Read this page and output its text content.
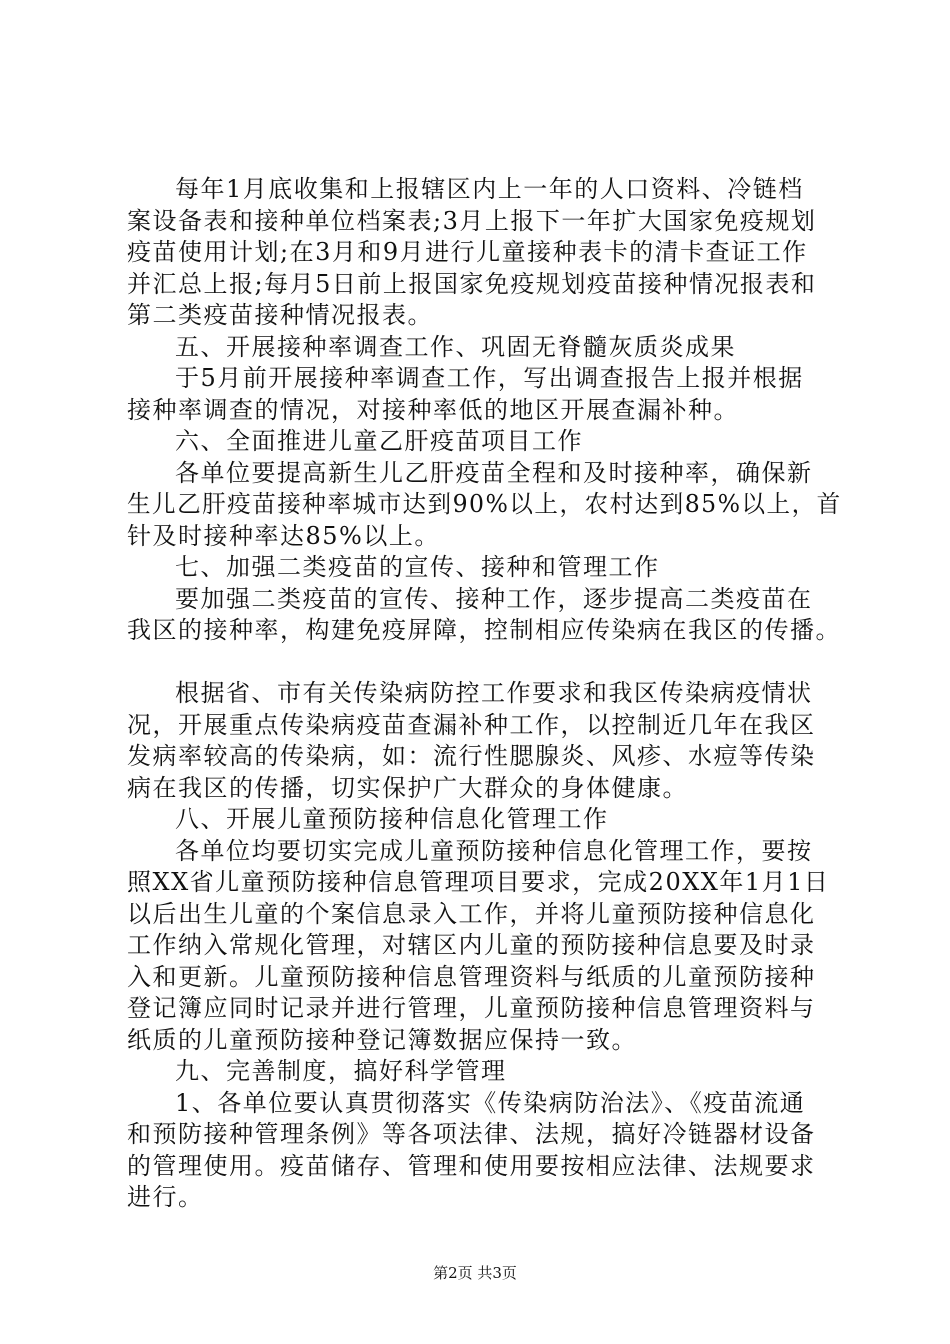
每年1月底收集和上报辖区内上一年的人口资料、冷链档
案设备表和接种单位档案表;3月上报下一年扩大国家免疫规划
疫苗使用计划;在3月和9月进行儿童接种表卡的清卡查证工作
并汇总上报;每月5日前上报国家免疫规划疫苗接种情况报表和
第二类疫苗接种情况报表。
五、开展接种率调查工作、巩固无脊髓灰质炎成果
于5月前开展接种率调查工作，写出调查报告上报并根据
接种率调查的情况，对接种率低的地区开展查漏补种。
六、全面推进儿童乙肝疫苗项目工作
各单位要提高新生儿乙肝疫苗全程和及时接种率，确保新
生儿乙肝疫苗接种率城市达到90%以上，农村达到85%以上，首
针及时接种率达85%以上。
七、加强二类疫苗的宣传、接种和管理工作
要加强二类疫苗的宣传、接种工作，逐步提高二类疫苗在
我区的接种率，构建免疫屏障，控制相应传染病在我区的传播。
根据省、市有关传染病防控工作要求和我区传染病疫情状
况，开展重点传染病疫苗查漏补种工作，以控制近几年在我区
发病率较高的传染病，如：流行性腮腺炎、风疹、水痘等传染
病在我区的传播，切实保护广大群众的身体健康。
八、开展儿童预防接种信息化管理工作
各单位均要切实完成儿童预防接种信息化管理工作，要按
照XX省儿童预防接种信息管理项目要求，完成20XX年1月1日
以后出生儿童的个案信息录入工作，并将儿童预防接种信息化
工作纳入常规化管理，对辖区内儿童的预防接种信息要及时录
入和更新。儿童预防接种信息管理资料与纸质的儿童预防接种
登记簿应同时记录并进行管理，儿童预防接种信息管理资料与
纸质的儿童预防接种登记簿数据应保持一致。
九、完善制度，搞好科学管理
1、各单位要认真贯彻落实《传染病防治法》、《疫苗流通
和预防接种管理条例》等各项法律、法规，搞好冷链器材设备
的管理使用。疫苗储存、管理和使用要按相应法律、法规要求
进行。
第2页 共3页
